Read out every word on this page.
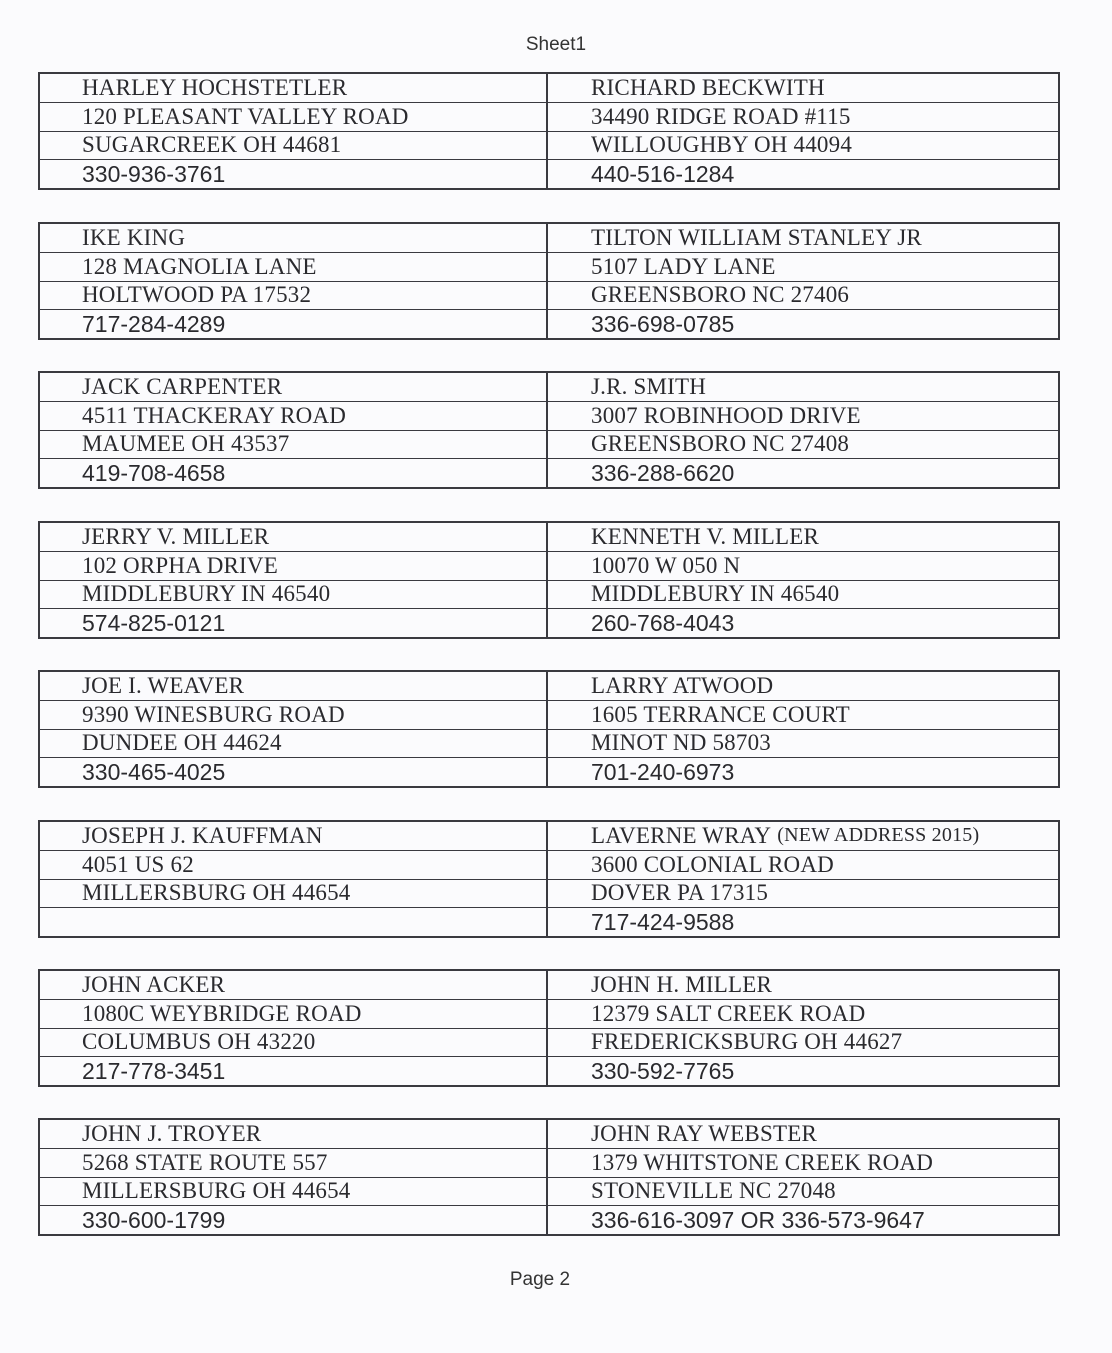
Sheet1
HARLEY HOCHSTETLER
120 PLEASANT VALLEY ROAD
SUGARCREEK OH 44681
330-936-3761
RICHARD BECKWITH
34490 RIDGE ROAD #115
WILLOUGHBY OH 44094
440-516-1284
IKE KING
128 MAGNOLIA LANE
HOLTWOOD PA 17532
717-284-4289
TILTON WILLIAM STANLEY JR
5107 LADY LANE
GREENSBORO NC 27406
336-698-0785
JACK CARPENTER
4511 THACKERAY ROAD
MAUMEE OH 43537
419-708-4658
J.R. SMITH
3007 ROBINHOOD DRIVE
GREENSBORO NC 27408
336-288-6620
JERRY V. MILLER
102 ORPHA DRIVE
MIDDLEBURY IN 46540
574-825-0121
KENNETH V. MILLER
10070 W 050 N
MIDDLEBURY IN 46540
260-768-4043
JOE I. WEAVER
9390 WINESBURG ROAD
DUNDEE OH 44624
330-465-4025
LARRY ATWOOD
1605 TERRANCE COURT
MINOT ND 58703
701-240-6973
JOSEPH J. KAUFFMAN
4051 US 62
MILLERSBURG OH 44654
LAVERNE WRAY
(NEW ADDRESS 2015)
3600 COLONIAL ROAD
DOVER PA 17315
717-424-9588
JOHN ACKER
1080C WEYBRIDGE ROAD
COLUMBUS OH 43220
217-778-3451
JOHN H. MILLER
12379 SALT CREEK ROAD
FREDERICKSBURG OH 44627
330-592-7765
JOHN J. TROYER
5268 STATE ROUTE 557
MILLERSBURG OH 44654
330-600-1799
JOHN RAY WEBSTER
1379 WHITSTONE CREEK ROAD
STONEVILLE NC 27048
336-616-3097 OR 336-573-9647
Page 2
